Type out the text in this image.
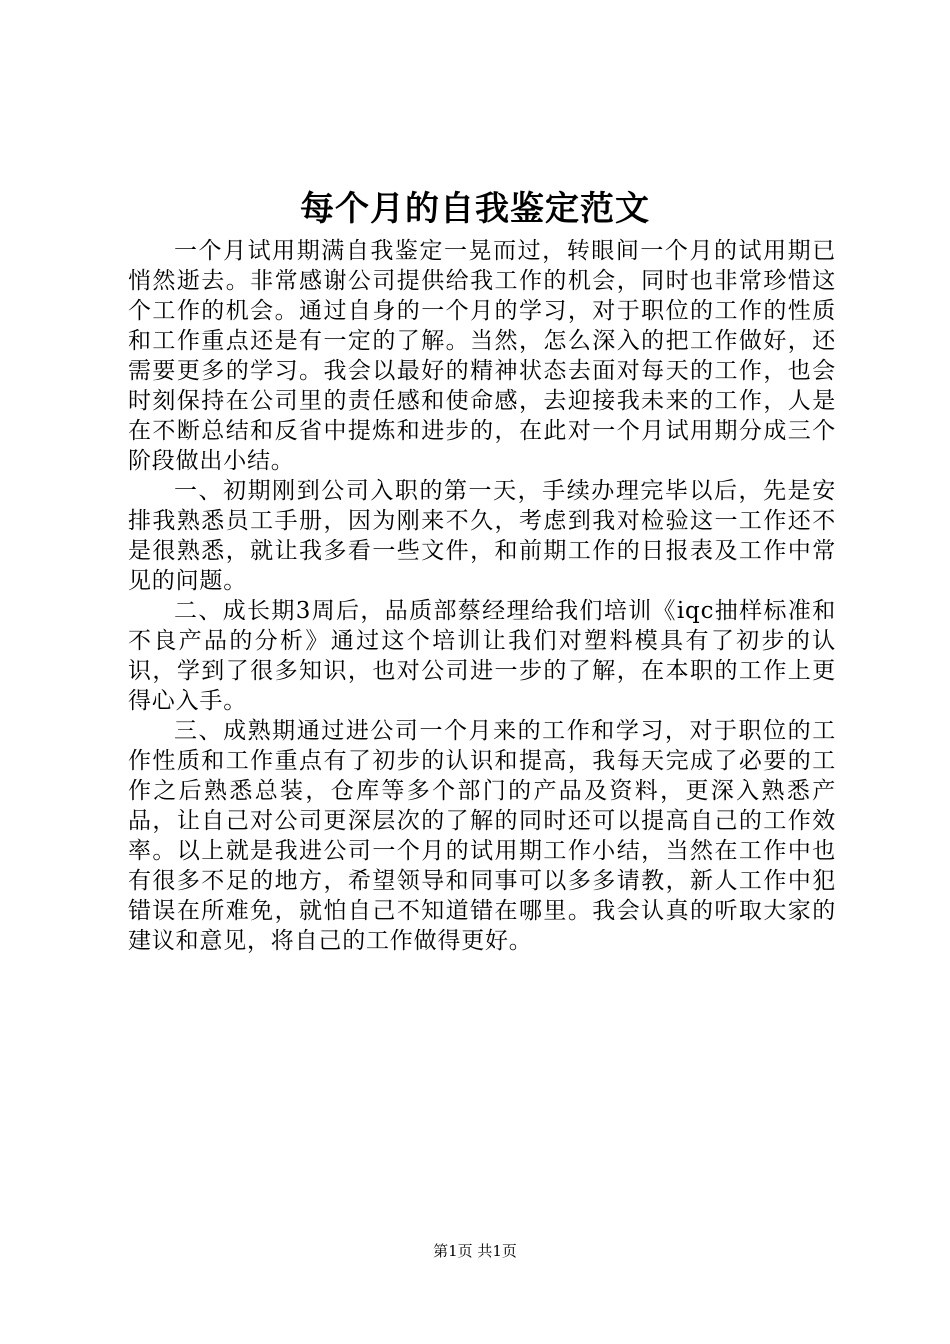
每个月的自我鉴定范文

一个月试用期满自我鉴定一晃而过，转眼间一个月的试用期已悄然逝去。非常感谢公司提供给我工作的机会，同时也非常珍惜这个工作的机会。通过自身的一个月的学习，对于职位的工作的性质和工作重点还是有一定的了解。当然，怎么深入的把工作做好，还需要更多的学习。我会以最好的精神状态去面对每天的工作，也会时刻保持在公司里的责任感和使命感，去迎接我未来的工作，人是在不断总结和反省中提炼和进步的，在此对一个月试用期分成三个阶段做出小结。

一、初期刚到公司入职的第一天，手续办理完毕以后，先是安排我熟悉员工手册，因为刚来不久，考虑到我对检验这一工作还不是很熟悉，就让我多看一些文件，和前期工作的日报表及工作中常见的问题。

二、成长期3周后，品质部蔡经理给我们培训《iqc抽样标准和不良产品的分析》通过这个培训让我们对塑料模具有了初步的认识，学到了很多知识，也对公司进一步的了解，在本职的工作上更得心入手。

三、成熟期通过进公司一个月来的工作和学习，对于职位的工作性质和工作重点有了初步的认识和提高，我每天完成了必要的工作之后熟悉总装，仓库等多个部门的产品及资料，更深入熟悉产品，让自己对公司更深层次的了解的同时还可以提高自己的工作效率。以上就是我进公司一个月的试用期工作小结，当然在工作中也有很多不足的地方，希望领导和同事可以多多请教，新人工作中犯错误在所难免，就怕自己不知道错在哪里。我会认真的听取大家的建议和意见，将自己的工作做得更好。

第1页 共1页
